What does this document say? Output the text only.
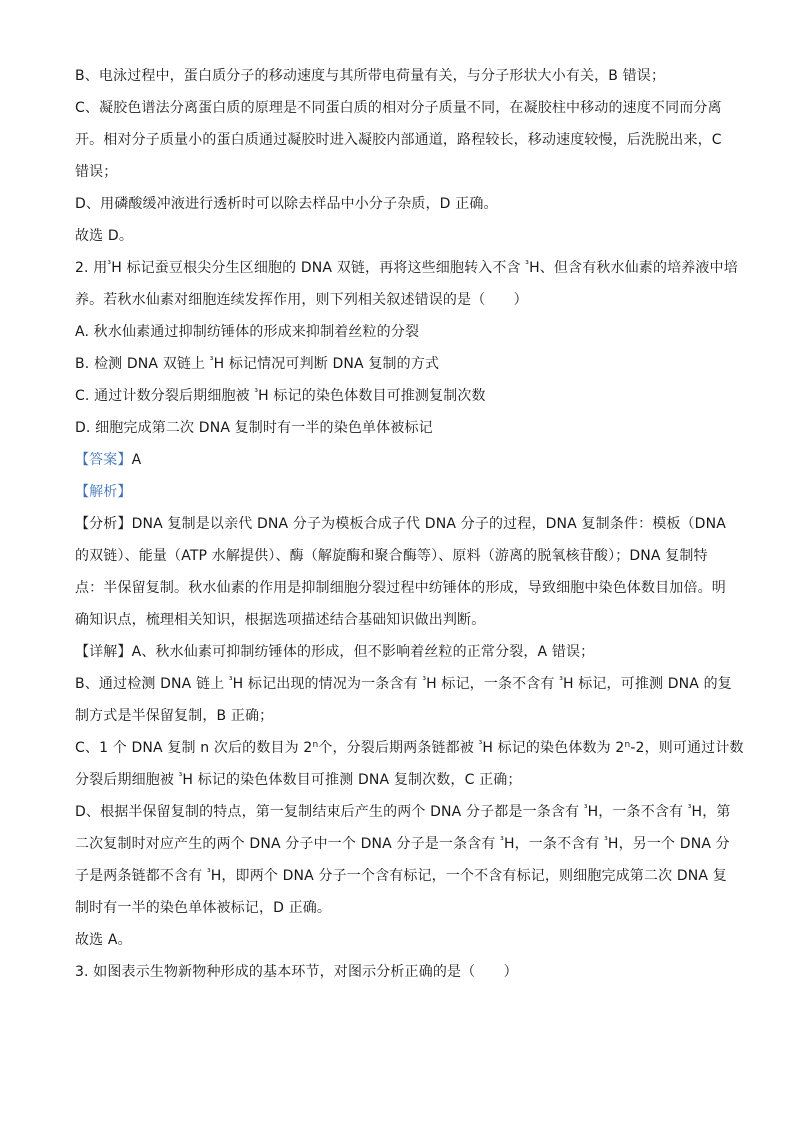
B、电泳过程中，蛋白质分子的移动速度与其所带电荷量有关，与分子形状大小有关，B 错误；
C、凝胶色谱法分离蛋白质的原理是不同蛋白质的相对分子质量不同，在凝胶柱中移动的速度不同而分离
开。相对分子质量小的蛋白质通过凝胶时进入凝胶内部通道，路程较长，移动速度较慢，后洗脱出来，C
错误；
D、用磷酸缓冲液进行透析时可以除去样品中小分子杂质，D 正确。
故选 D。
2. 用$^{^3}$H 标记蚕豆根尖分生区细胞的 DNA 双链，再将这些细胞转入不含 $^{^3}$H、但含有秋水仙素的培养液中培
养。若秋水仙素对细胞连续发挥作用，则下列相关叙述错误的是（　　）
A. 秋水仙素通过抑制纺锤体的形成来抑制着丝粒的分裂
B. 检测 DNA 双链上 $^{^3}$H 标记情况可判断 DNA 复制的方式
C. 通过计数分裂后期细胞被 $^{^3}$H 标记的染色体数目可推测复制次数
D. 细胞完成第二次 DNA 复制时有一半的染色单体被标记
【答案】A
【解析】
【分析】DNA 复制是以亲代 DNA 分子为模板合成子代 DNA 分子的过程，DNA 复制条件：模板（DNA
的双链）、能量（ATP 水解提供）、酶（解旋酶和聚合酶等）、原料（游离的脱氧核苷酸）；DNA 复制特
点：半保留复制。秋水仙素的作用是抑制细胞分裂过程中纺锤体的形成，导致细胞中染色体数目加倍。明
确知识点，梳理相关知识，根据选项描述结合基础知识做出判断。
【详解】A、秋水仙素可抑制纺锤体的形成，但不影响着丝粒的正常分裂，A 错误；
B、通过检测 DNA 链上 $^{^3}$H 标记出现的情况为一条含有 $^{^3}$H 标记，一条不含有 $^{^3}$H 标记，可推测 DNA 的复
制方式是半保留复制，B 正确；
C、1 个 DNA 复制 n 次后的数目为 2$^n$个，分裂后期两条链都被 $^{^3}$H 标记的染色体数为 2$^n$-2，则可通过计数
分裂后期细胞被 $^{^3}$H 标记的染色体数目可推测 DNA 复制次数，C 正确；
D、根据半保留复制的特点，第一复制结束后产生的两个 DNA 分子都是一条含有 $^{^3}$H，一条不含有 $^{^3}$H，第
二次复制时对应产生的两个 DNA 分子中一个 DNA 分子是一条含有 $^{^3}$H，一条不含有 $^{^3}$H，另一个 DNA 分
子是两条链都不含有 $^{^3}$H，即两个 DNA 分子一个含有标记，一个不含有标记，则细胞完成第二次 DNA 复
制时有一半的染色单体被标记，D 正确。
故选 A。
3. 如图表示生物新物种形成的基本环节，对图示分析正确的是（　　）
